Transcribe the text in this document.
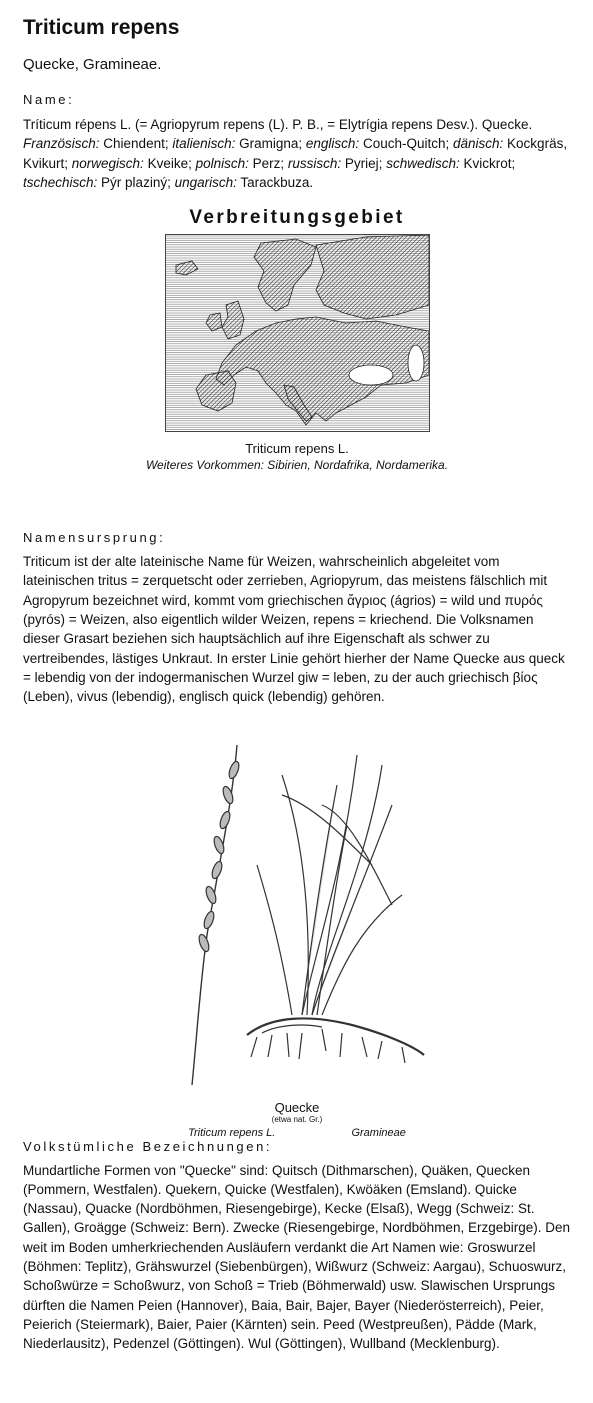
Triticum repens
Quecke, Gramineae.
Name:

Tríticum répens L. (= Agriopyrum repens (L). P. B., = Elytrígia repens Desv.). Quecke. Französisch: Chiendent; italienisch: Gramigna; englisch: Couch-Quitch; dänisch: Kockgräs, Kvikurt; norwegisch: Kveike; polnisch: Perz; russisch: Pyriej; schwedisch: Kvickrot; tschechisch: Pýr plaziný; ungarisch: Tarackbuza.

Verbreitungsgebiet
Triticum repens L.
Weiteres Vorkommen: Sibirien, Nordafrika, Nordamerika.
Namensursprung:

Triticum ist der alte lateinische Name für Weizen, wahrscheinlich abgeleitet vom lateinischen tritus = zerquetscht oder zerrieben, Agriopyrum, das meistens fälschlich mit Agropyrum bezeichnet wird, kommt vom griechischen ἄγριος (ágrios) = wild und πυρός (pyrós) = Weizen, also eigentlich wilder Weizen, repens = kriechend. Die Volksnamen dieser Grasart beziehen sich hauptsächlich auf ihre Eigenschaft als schwer zu vertreibendes, lästiges Unkraut. In erster Linie gehört hierher der Name Quecke aus queck = lebendig von der indogermanischen Wurzel giw = leben, zu der auch griechisch βίος (Leben), vivus (lebendig), englisch quick (lebendig) gehören.

Quecke
(etwa nat. Gr.)
Triticum repens L.	Gramineae
Volkstümliche Bezeichnungen:

Mundartliche Formen von "Quecke" sind: Quitsch (Dithmarschen), Quäken, Quecken (Pommern, Westfalen). Quekern, Quicke (Westfalen), Kwöäken (Emsland). Quicke (Nassau), Quacke (Nordböhmen, Riesengebirge), Kecke (Elsaß), Wegg (Schweiz: St. Gallen), Groägge (Schweiz: Bern). Zwecke (Riesengebirge, Nordböhmen, Erzgebirge). Den weit im Boden umherkriechenden Ausläufern verdankt die Art Namen wie: Groswurzel (Böhmen: Teplitz), Grähswurzel (Siebenbürgen), Wißwurz (Schweiz: Aargau), Schuoswurz, Schoßwürze = Schoßwurz, von Schoß = Trieb (Böhmerwald) usw. Slawischen Ursprungs dürften die Namen Peien (Hannover), Baia, Bair, Bajer, Bayer (Niederösterreich), Peier, Peierich (Steiermark), Baier, Paier (Kärnten) sein. Peed (Westpreußen), Pädde (Mark, Niederlausitz), Pedenzel (Göttingen). Wul (Göttingen), Wullband (Mecklenburg).
